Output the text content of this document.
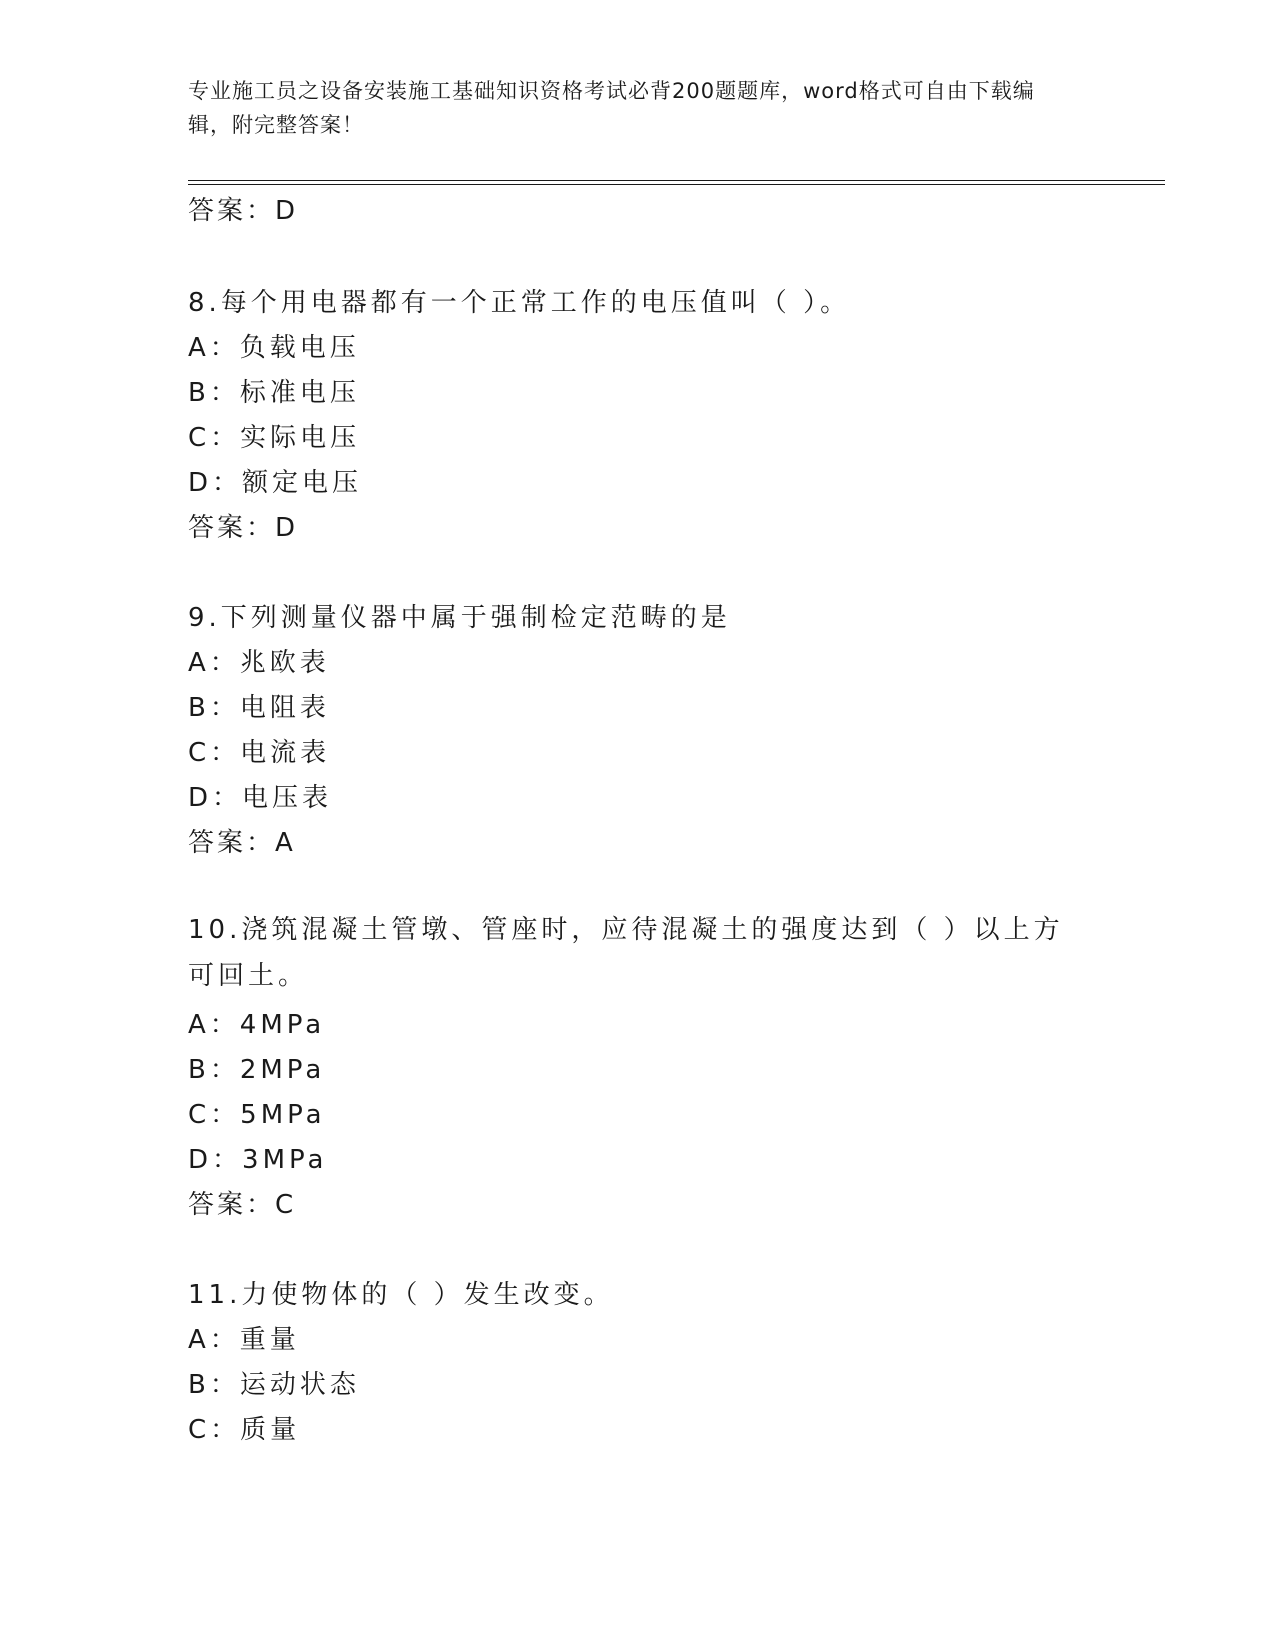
专业施工员之设备安装施工基础知识资格考试必背200题题库，word格式可自由下载编辑，附完整答案！
答案：D
8.每个用电器都有一个正常工作的电压值叫（ ）。
A：负载电压
B：标准电压
C：实际电压
D：额定电压
答案：D
9.下列测量仪器中属于强制检定范畴的是
A：兆欧表
B：电阻表
C：电流表
D：电压表
答案：A
10.浇筑混凝土管墩、管座时，应待混凝土的强度达到（ ）以上方可回土。
A：4MPa
B：2MPa
C：5MPa
D：3MPa
答案：C
11.力使物体的（ ）发生改变。
A：重量
B：运动状态
C：质量
